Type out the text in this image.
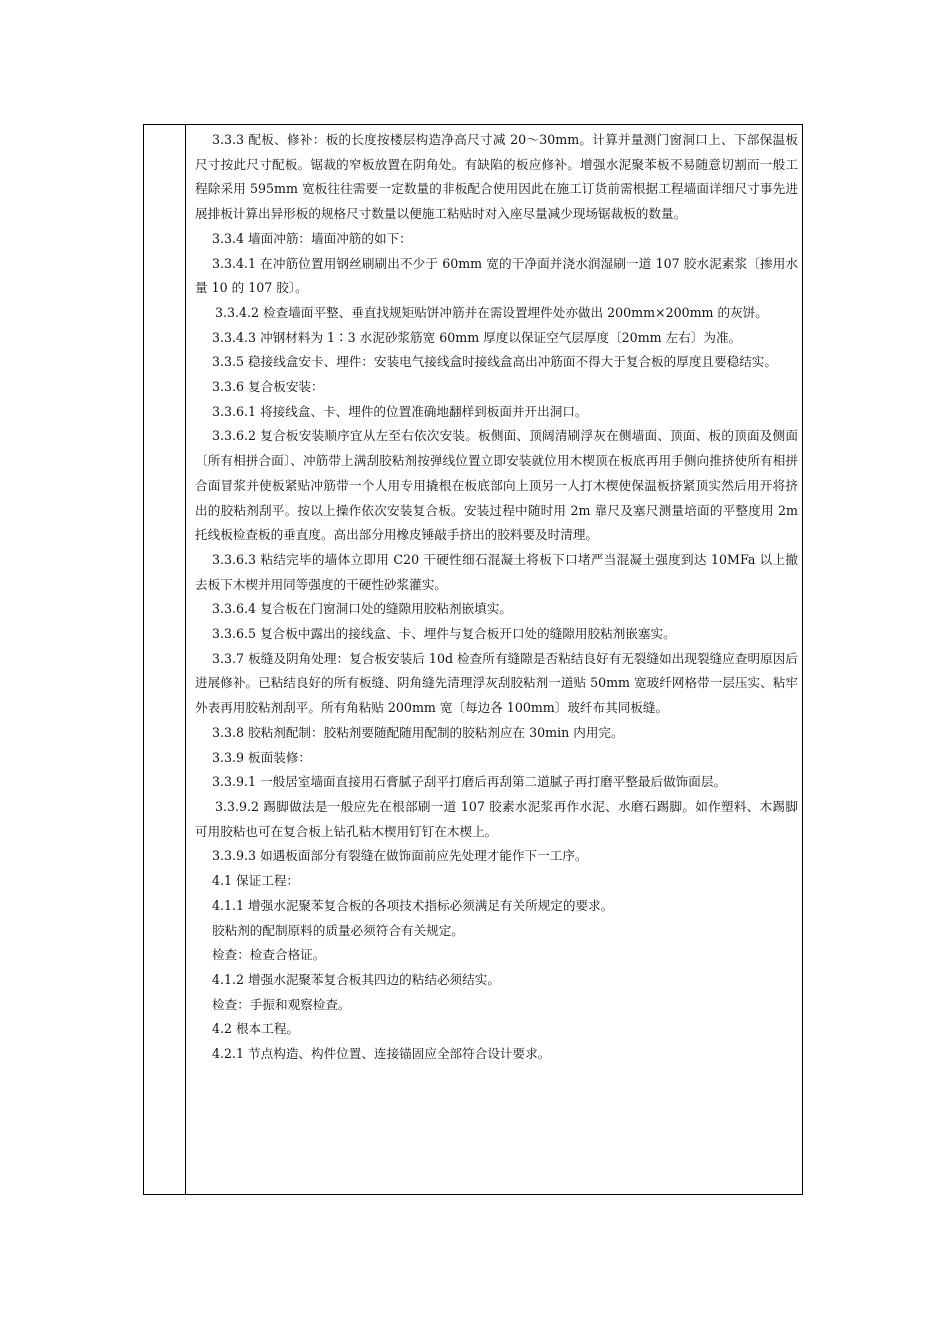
3.3.3 配板、修补：板的长度按楼层构造净高尺寸减 20～30mm。计算并量测门窗洞口上、下部保温板尺寸按此尺寸配板。锯裁的窄板放置在阴角处。有缺陷的板应修补。增强水泥聚苯板不易随意切割而一般工程除采用 595mm 宽板往往需要一定数量的非板配合使用因此在施工订货前需根据工程墙面详细尺寸事先进展排板计算出异形板的规格尺寸数量以便施工粘贴时对入座尽量减少现场锯裁板的数量。

3.3.4 墙面冲筋：墙面冲筋的如下：

3.3.4.1 在冲筋位置用钢丝刷刷出不少于 60mm 宽的干净面并浇水润湿刷一道 107 胶水泥素浆〔掺用水量 10 的 107 胶〕。

3.3.4.2 检查墙面平整、垂直找规矩贴饼冲筋并在需设置埋件处亦做出 200mm×200mm 的灰饼。

3.3.4.3 冲钢材料为 1∶3 水泥砂浆筋宽 60mm 厚度以保证空气层厚度〔20mm 左右〕为准。

3.3.5 稳接线盒安卡、埋件：安装电气接线盒时接线盒高出冲筋面不得大于复合板的厚度且要稳结实。

3.3.6 复合板安装：

3.3.6.1 将接线盒、卡、埋件的位置准确地翻样到板面并开出洞口。

3.3.6.2 复合板安装顺序宜从左至右依次安装。板侧面、顶阔清刷浮灰在侧墙面、顶面、板的顶面及侧面〔所有相拼合面〕、冲筋带上满刮胶粘剂按弹线位置立即安装就位用木楔顶在板底再用手侧向推挤使所有相拼合面冒浆并使板紧贴冲筋带一个人用专用撬根在板底部向上顶另一人打木楔使保温板挤紧顶实然后用开将挤出的胶粘剂刮平。按以上操作依次安装复合板。安装过程中随时用 2m 靠尺及塞尺测量培面的平整度用 2m 托线板检查板的垂直度。高出部分用橡皮锤敲手挤出的胶料要及时清理。

3.3.6.3 粘结完毕的墙体立即用 C20 干硬性细石混凝土将板下口堵严当混凝土强度到达 10MFa 以上撤去板下木楔并用同等强度的干硬性砂浆灌实。

3.3.6.4 复合板在门窗洞口处的缝隙用胶粘剂嵌填实。

3.3.6.5 复合板中露出的接线盒、卡、埋件与复合板开口处的缝隙用胶粘剂嵌塞实。

3.3.7 板缝及阴角处理：复合板安装后 10d 检查所有缝隙是否粘结良好有无裂缝如出现裂缝应查明原因后进展修补。已粘结良好的所有板缝、阴角缝先清理浮灰刮胶粘剂一道贴 50mm 宽玻纤网格带一层压实、粘牢外表再用胶粘剂刮平。所有角粘贴 200mm 宽〔每边各 100mm〕玻纤布其同板缝。

3.3.8 胶粘剂配制：胶粘剂要随配随用配制的胶粘剂应在 30min 内用完。

3.3.9 板面装修：

3.3.9.1 一般居室墙面直接用石膏腻子刮平打磨后再刮第二道腻子再打磨平整最后做饰面层。

3.3.9.2 踢脚做法是一般应先在根部刷一道 107 胶素水泥浆再作水泥、水磨石踢脚。如作塑料、木踢脚可用胶粘也可在复合板上钻孔粘木楔用钉钉在木楔上。

3.3.9.3 如遇板面部分有裂缝在做饰面前应先处理才能作下一工序。

4.1 保证工程：

4.1.1 增强水泥聚苯复合板的各项技术指标必须满足有关所规定的要求。

胶粘剂的配制原料的质量必须符合有关规定。

检查：检查合格证。

4.1.2 增强水泥聚苯复合板其四边的粘结必须结实。

检查：手振和观察检查。

4.2 根本工程。

4.2.1 节点构造、构件位置、连接锚固应全部符合设计要求。
